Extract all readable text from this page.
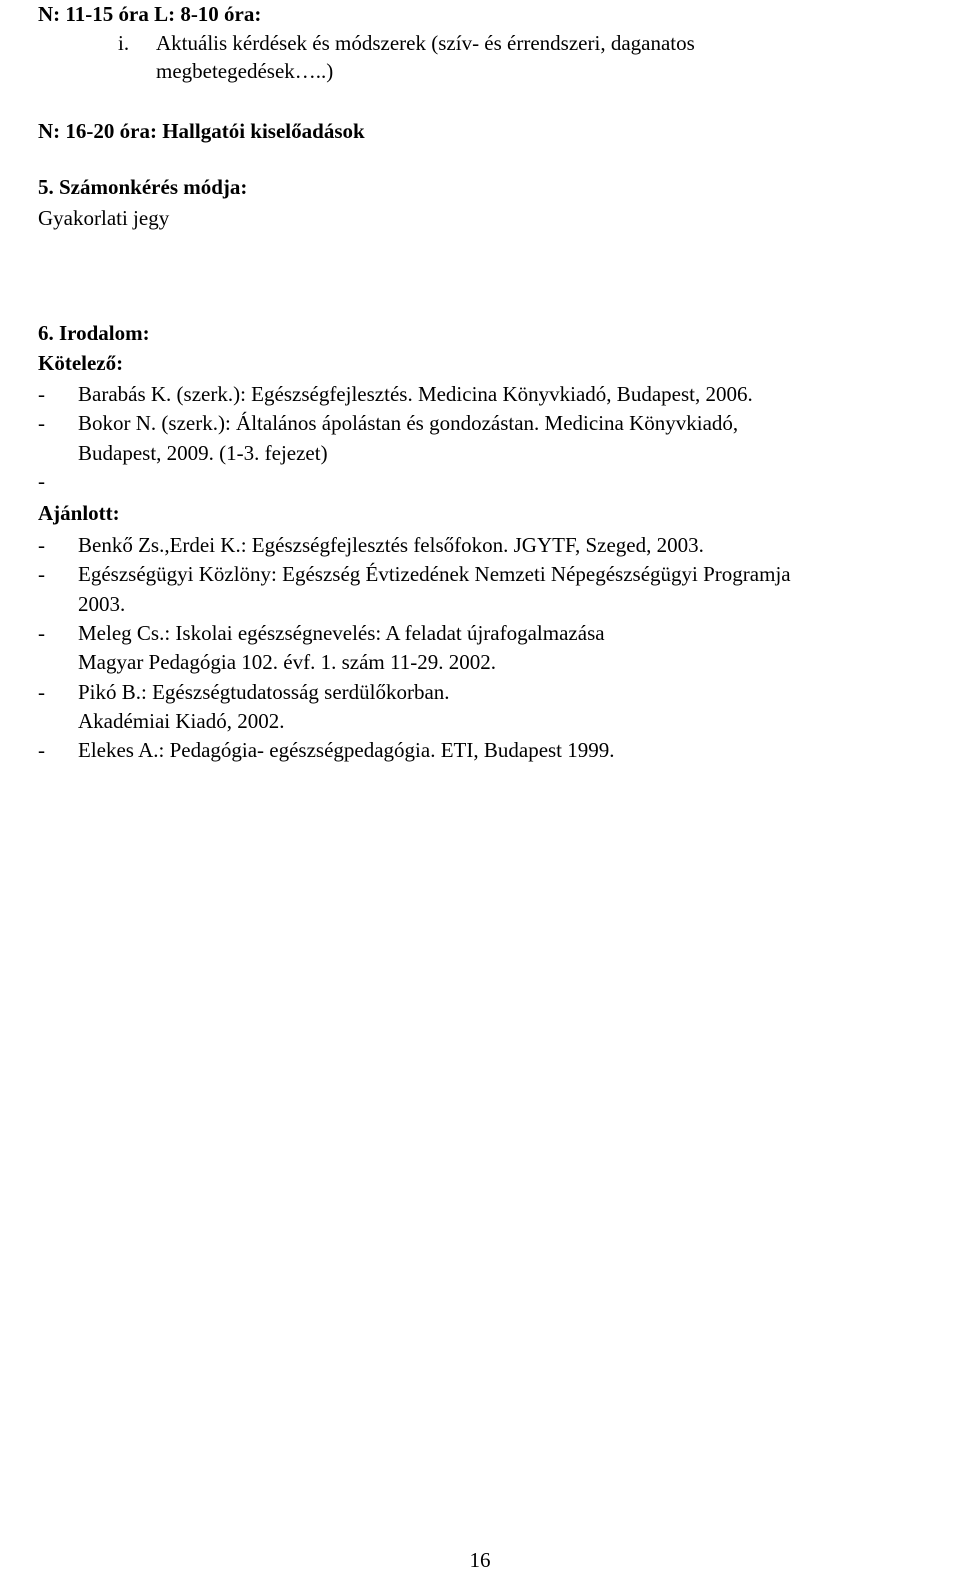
N: 11-15 óra L: 8-10 óra:
i. Aktuális kérdések és módszerek (szív- és érrendszeri, daganatos
megbetegedések…..)
N: 16-20 óra: Hallgatói kiselőadások
5. Számonkérés módja:
Gyakorlati jegy
6. Irodalom:
Kötelező:
- Barabás K. (szerk.): Egészségfejlesztés. Medicina Könyvkiadó, Budapest, 2006.
- Bokor N. (szerk.): Általános ápolástan és gondozástan. Medicina Könyvkiadó,
Budapest, 2009. (1-3. fejezet)
-
Ajánlott:
- Benkő Zs.,Erdei K.: Egészségfejlesztés felsőfokon. JGYTF, Szeged, 2003.
- Egészségügyi Közlöny: Egészség Évtizedének Nemzeti Népegészségügyi Programja
2003.
- Meleg Cs.: Iskolai egészségnevelés: A feladat újrafogalmazása
Magyar Pedagógia 102. évf. 1. szám 11-29. 2002.
- Pikó B.: Egészségtudatosság serdülőkorban.
Akadémiai Kiadó, 2002.
- Elekes A.: Pedagógia- egészségpedagógia. ETI, Budapest 1999.
16
